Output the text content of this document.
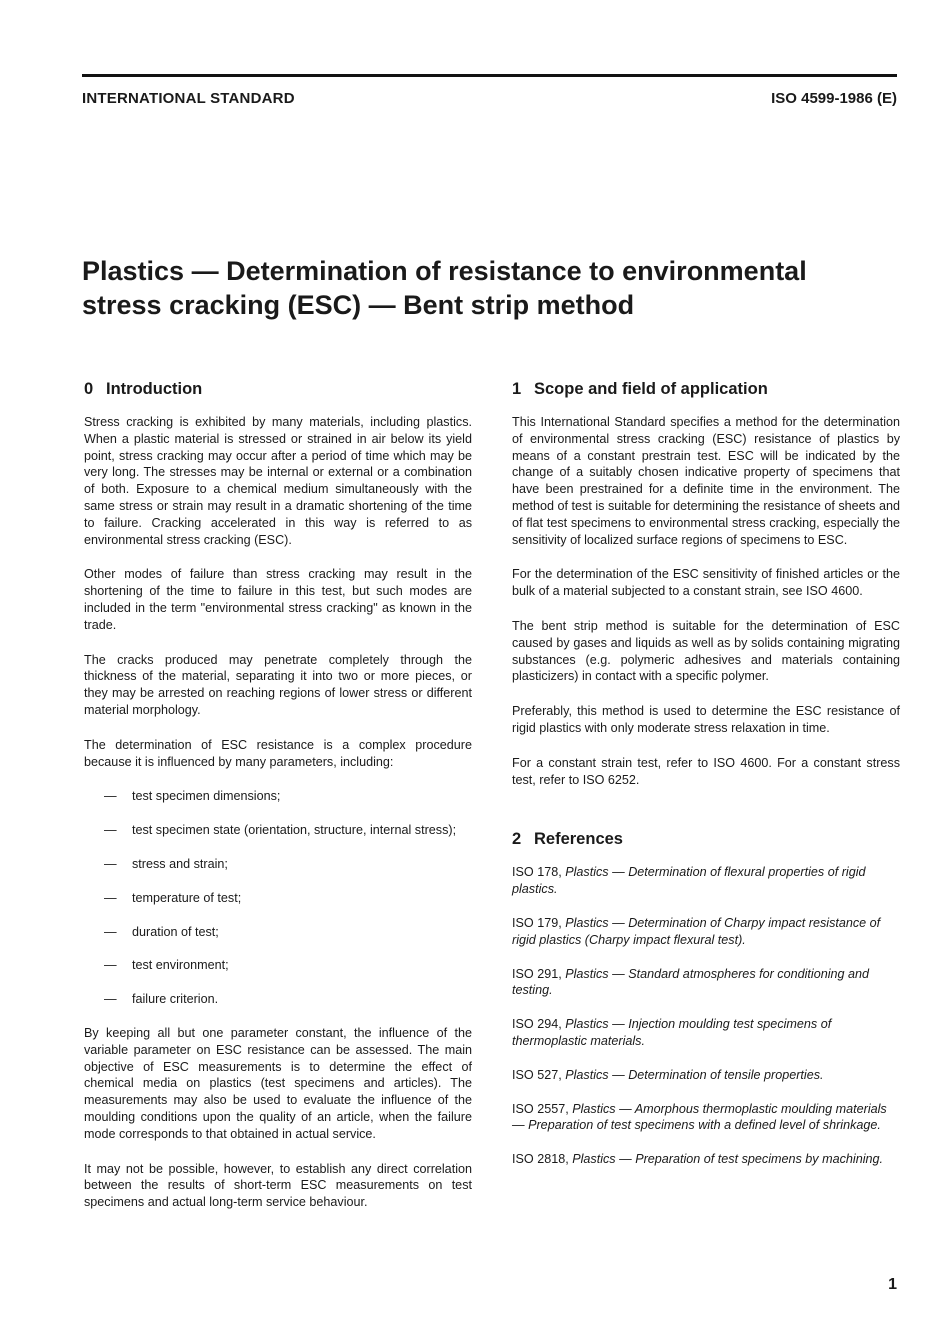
INTERNATIONAL STANDARD	ISO 4599-1986 (E)
Plastics — Determination of resistance to environmental
stress cracking (ESC) — Bent strip method
0 Introduction

Stress cracking is exhibited by many materials, including plastics. When a plastic material is stressed or strained in air below its yield point, stress cracking may occur after a period of time which may be very long. The stresses may be internal or external or a combination of both. Exposure to a chemical medium simultaneously with the same stress or strain may result in a dramatic shortening of the time to failure. Cracking accelerated in this way is referred to as environmental stress cracking (ESC).

Other modes of failure than stress cracking may result in the shortening of the time to failure in this test, but such modes are included in the term "environmental stress cracking" as known in the trade.

The cracks produced may penetrate completely through the thickness of the material, separating it into two or more pieces, or they may be arrested on reaching regions of lower stress or different material morphology.

The determination of ESC resistance is a complex procedure because it is influenced by many parameters, including:

— test specimen dimensions;
— test specimen state (orientation, structure, internal stress);
— stress and strain;
— temperature of test;
— duration of test;
— test environment;
— failure criterion.

By keeping all but one parameter constant, the influence of the variable parameter on ESC resistance can be assessed. The main objective of ESC measurements is to determine the effect of chemical media on plastics (test specimens and articles). The measurements may also be used to evaluate the influence of the moulding conditions upon the quality of an article, when the failure mode corresponds to that obtained in actual service.

It may not be possible, however, to establish any direct correlation between the results of short-term ESC measurements on test specimens and actual long-term service behaviour.

1 Scope and field of application

This International Standard specifies a method for the determination of environmental stress cracking (ESC) resistance of plastics by means of a constant prestrain test. ESC will be indicated by the change of a suitably chosen indicative property of specimens that have been prestrained for a definite time in the environment. The method of test is suitable for determining the resistance of sheets and of flat test specimens to environmental stress cracking, especially the sensitivity of localized surface regions of specimens to ESC.

For the determination of the ESC sensitivity of finished articles or the bulk of a material subjected to a constant strain, see ISO 4600.

The bent strip method is suitable for the determination of ESC caused by gases and liquids as well as by solids containing migrating substances (e.g. polymeric adhesives and materials containing plasticizers) in contact with a specific polymer.

Preferably, this method is used to determine the ESC resistance of rigid plastics with only moderate stress relaxation in time.

For a constant strain test, refer to ISO 4600. For a constant stress test, refer to ISO 6252.

2 References
ISO 178, Plastics — Determination of flexural properties of rigid plastics.
ISO 179, Plastics — Determination of Charpy impact resistance of rigid plastics (Charpy impact flexural test).
ISO 291, Plastics — Standard atmospheres for conditioning and testing.
ISO 294, Plastics — Injection moulding test specimens of thermoplastic materials.
ISO 527, Plastics — Determination of tensile properties.
ISO 2557, Plastics — Amorphous thermoplastic moulding materials — Preparation of test specimens with a defined level of shrinkage.
ISO 2818, Plastics — Preparation of test specimens by machining.
1
